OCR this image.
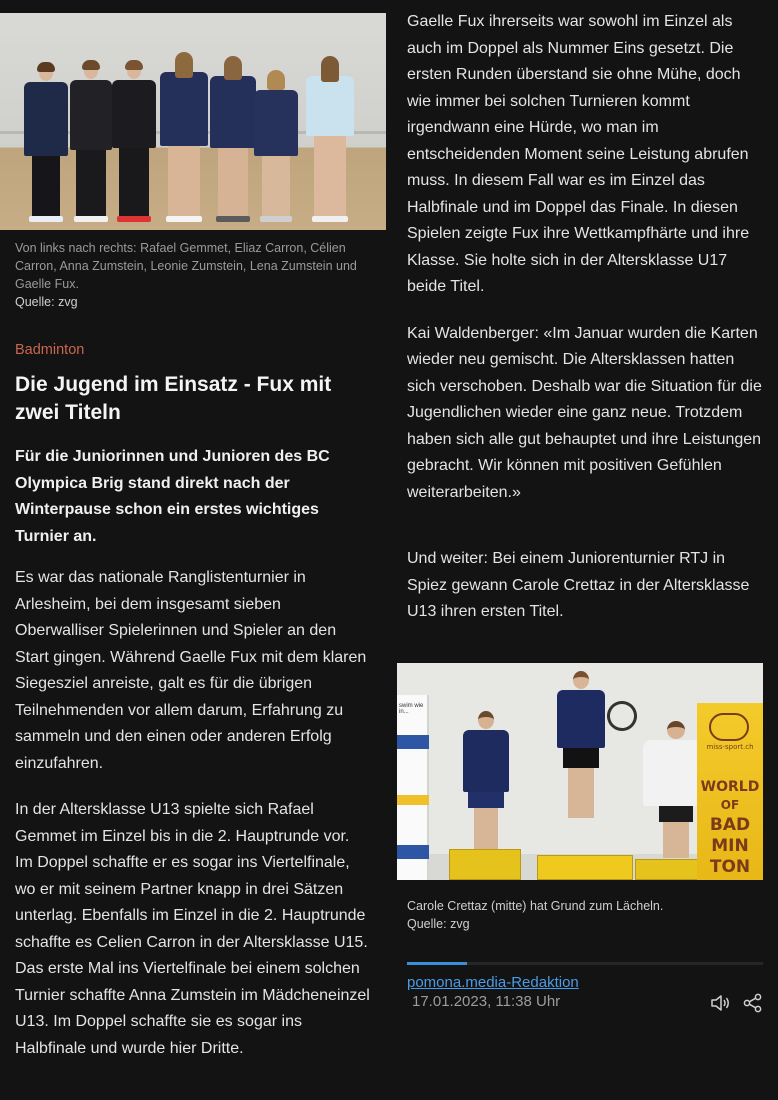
Von links nach rechts: Rafael Gemmet, Eliaz Carron, Célien Carron, Anna Zumstein, Leonie Zumstein, Lena Zumstein und Gaelle Fux.
Quelle: zvg
Badminton
Die Jugend im Einsatz - Fux mit zwei Titeln

Für die Juniorinnen und Junioren des BC Olympica Brig stand direkt nach der Winterpause schon ein erstes wichtiges Turnier an.

Es war das nationale Ranglistenturnier in Arlesheim, bei dem insgesamt sieben Oberwalliser Spielerinnen und Spieler an den Start gingen. Während Gaelle Fux mit dem klaren Siegesziel anreiste, galt es für die übrigen Teilnehmenden vor allem darum, Erfahrung zu sammeln und den einen oder anderen Erfolg einzufahren.

In der Altersklasse U13 spielte sich Rafael Gemmet im Einzel bis in die 2. Hauptrunde vor. Im Doppel schaffte er es sogar ins Viertelfinale, wo er mit seinem Partner knapp in drei Sätzen unterlag. Ebenfalls im Einzel in die 2. Hauptrunde schaffte es Celien Carron in der Altersklasse U15. Das erste Mal ins Viertelfinale bei einem solchen Turnier schaffte Anna Zumstein im Mädcheneinzel U13. Im Doppel schaffte sie es sogar ins Halbfinale und wurde hier Dritte.

Gaelle Fux ihrerseits war sowohl im Einzel als auch im Doppel als Nummer Eins gesetzt. Die ersten Runden überstand sie ohne Mühe, doch wie immer bei solchen Turnieren kommt irgendwann eine Hürde, wo man im entscheidenden Moment seine Leistung abrufen muss. In diesem Fall war es im Einzel das Halbfinale und im Doppel das Finale. In diesen Spielen zeigte Fux ihre Wettkampfhärte und ihre Klasse. Sie holte sich in der Altersklasse U17 beide Titel.

Kai Waldenberger: «Im Januar wurden die Karten wieder neu gemischt. Die Altersklassen hatten sich verschoben. Deshalb war die Situation für die Jugendlichen wieder eine ganz neue. Trotzdem haben sich alle gut behauptet und ihre Leistungen gebracht. Wir können mit positiven Gefühlen weiterarbeiten.»

Und weiter: Bei einem Juniorenturnier RTJ in Spiez gewann Carole Crettaz in der Altersklasse U13 ihren ersten Titel.

swim wie in...
miss-sport.ch
WORLD
OF
BAD
MIN
TON
Carole Crettaz (mitte) hat Grund zum Lächeln.
Quelle: zvg
pomona.media-Redaktion
17.01.2023, 11:38 Uhr
